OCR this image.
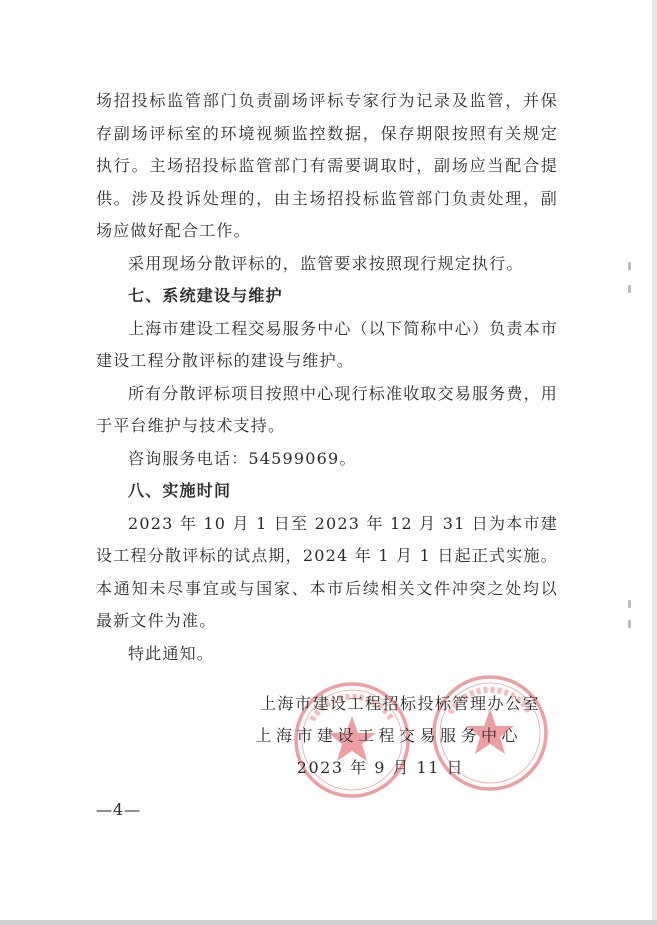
场招投标监管部门负责副场评标专家行为记录及监管，并保存副场评标室的环境视频监控数据，保存期限按照有关规定执行。主场招投标监管部门有需要调取时，副场应当配合提供。涉及投诉处理的，由主场招投标监管部门负责处理，副场应做好配合工作。

采用现场分散评标的，监管要求按照现行规定执行。

七、系统建设与维护

上海市建设工程交易服务中心（以下简称中心）负责本市建设工程分散评标的建设与维护。

所有分散评标项目按照中心现行标准收取交易服务费，用于平台维护与技术支持。

咨询服务电话：54599069。

八、实施时间

2023 年 10 月 1 日至 2023 年 12 月 31 日为本市建设工程分散评标的试点期，2024 年 1 月 1 日起正式实施。本通知未尽事宜或与国家、本市后续相关文件冲突之处均以最新文件为准。

特此通知。

上海市建设工程招标投标管理办公室
上海市建设工程交易服务中心
2023 年 9 月 11 日
—4—
